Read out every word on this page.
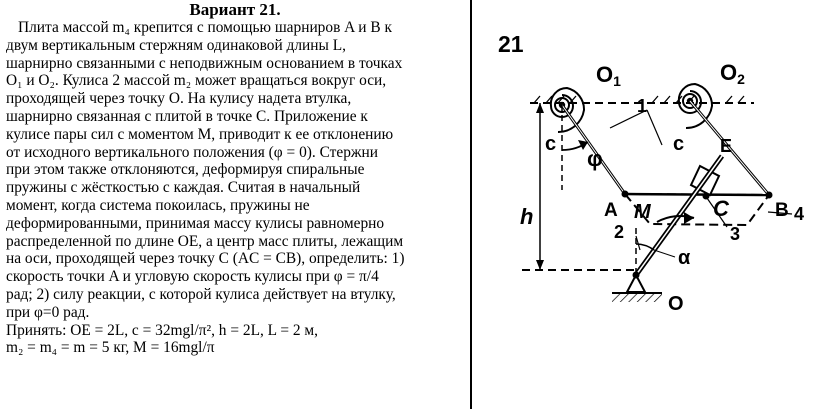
Вариант 21.

Плита массой m₄ крепится с помощью шарниров A и B к

двум вертикальным стержням одинаковой длины L,

шарнирно связанными с неподвижным основанием в точках

O₁ и O₂. Кулиса 2 массой m₂ может вращаться вокруг оси,

проходящей через точку O. На кулису надета втулка,

шарнирно связанная с плитой в точке C. Приложение к

кулисе пары сил с моментом M, приводит к ее отклонению

от исходного вертикального положения (φ = 0). Стержни

при этом также отклоняются, деформируя спиральные

пружины с жёсткостью c каждая. Считая в начальный

момент, когда система покоилась, пружины не

деформированными, принимая массу кулисы равномерно

распределенной по длине OE, а центр масс плиты, лежащим

на оси, проходящей через точку С (AC = CB), определить: 1)

скорость точки A и угловую скорость кулисы при φ = π/4

рад; 2) силу реакции, с которой кулиса действует на втулку,

при φ=0 рад.

Принять: OE = 2L, c = 32mgl/π², h = 2L, L = 2 м,

m₂ = m₄ = m = 5 кг, M = 16mgl/π

21
h
φ
M
α
O1	O2
c	c
1
A	B
C
E
2	3
4
O
